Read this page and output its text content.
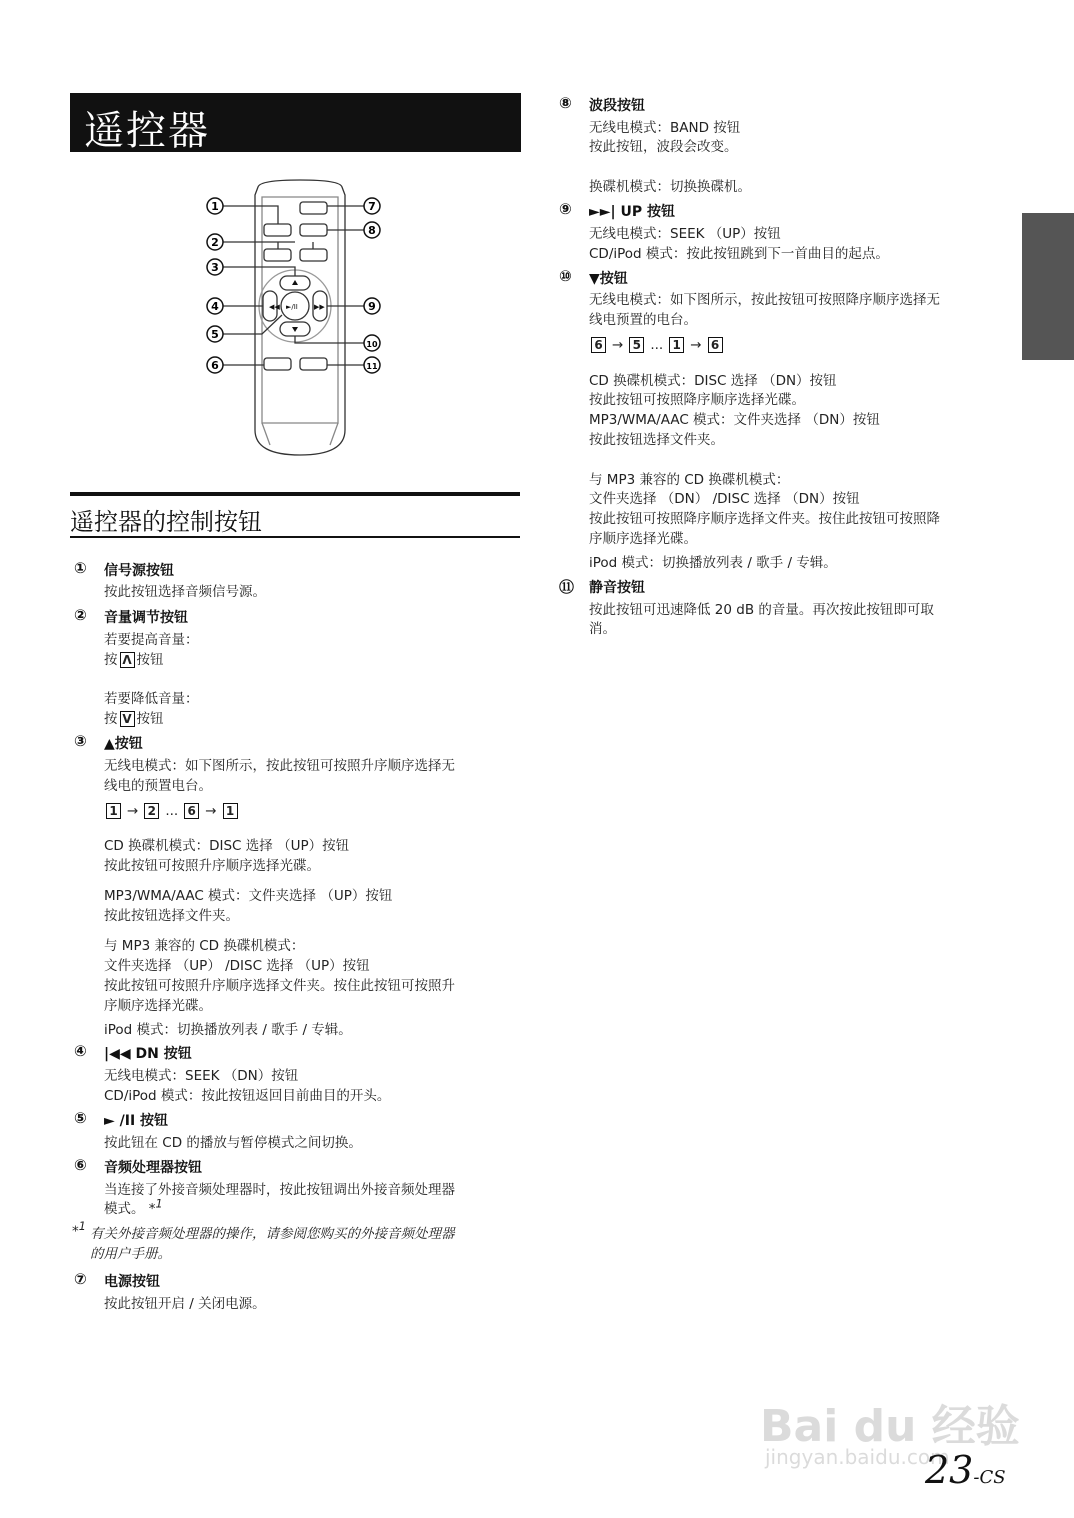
遥控器
◀◀	▶▶
►/II
1
2
3
4
5
6
7
8
9
10
11
遥控器的控制按钮
① 信号源按钮
按此按钮选择音频信号源。
② 音量调节按钮
若要提高音量：
按 Λ 按钮
若要降低音量：
按 V 按钮
③ ▲按钮
无线电模式：如下图所示，按此按钮可按照升序顺序选择无
线电的预置电台。
1 → 2 ... 6 → 1
CD 换碟机模式：DISC 选择 （UP）按钮
按此按钮可按照升序顺序选择光碟。
MP3/WMA/AAC 模式：文件夹选择 （UP）按钮
按此按钮选择文件夹。
与 MP3 兼容的 CD 换碟机模式：
文件夹选择 （UP） /DISC 选择 （UP）按钮
按此按钮可按照升序顺序选择文件夹。按住此按钮可按照升
序顺序选择光碟。
iPod 模式：切换播放列表 / 歌手 / 专辑。
④ |◀◀ DN 按钮
无线电模式：SEEK （DN）按钮
CD/iPod 模式：按此按钮返回目前曲目的开头。
⑤ ► /II 按钮
按此钮在 CD 的播放与暂停模式之间切换。
⑥ 音频处理器按钮
当连接了外接音频处理器时，按此按钮调出外接音频处理器
模式。 *$^1$
⑦ 电源按钮
按此按钮开启 / 关闭电源。
⑧ 波段按钮
无线电模式：BAND 按钮
按此按钮，波段会改变。
换碟机模式：切换换碟机。
⑨ ►►| UP 按钮
无线电模式：SEEK （UP）按钮
CD/iPod 模式：按此按钮跳到下一首曲目的起点。
⑩ ▼按钮
无线电模式：如下图所示，按此按钮可按照降序顺序选择无
线电预置的电台。
6 → 5 ... 1 → 6
CD 换碟机模式：DISC 选择 （DN）按钮
按此按钮可按照降序顺序选择光碟。
MP3/WMA/AAC 模式：文件夹选择 （DN）按钮
按此按钮选择文件夹。
与 MP3 兼容的 CD 换碟机模式：
文件夹选择 （DN） /DISC 选择 （DN）按钮
按此按钮可按照降序顺序选择文件夹。按住此按钮可按照降
序顺序选择光碟。
iPod 模式：切换播放列表 / 歌手 / 专辑。
⑪ 静音按钮
按此按钮可迅速降低 20 dB 的音量。再次按此按钮即可取
消。
*$^1$ 有关外接音频处理器的操作，请参阅您购买的外接音频处理器
的用户手册。
Bai du 经验
jingyan.baidu.com
23-CS
